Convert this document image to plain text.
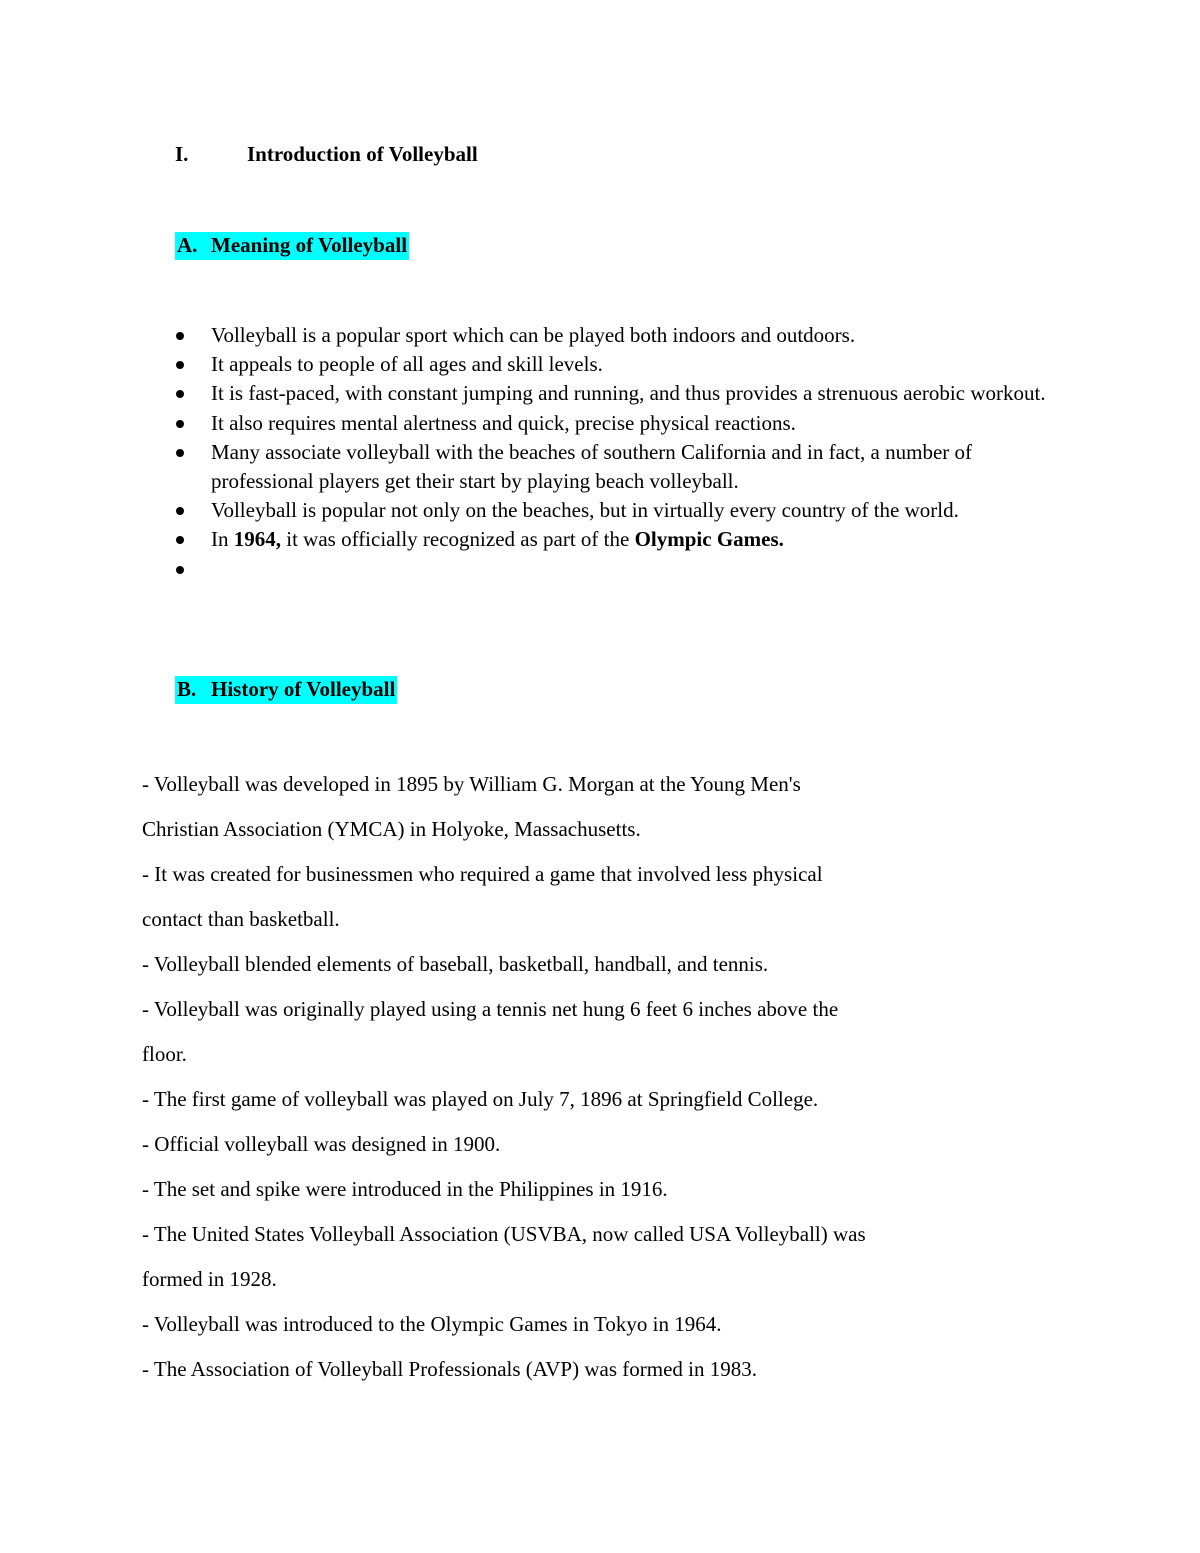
I.	Introduction of Volleyball
A. Meaning of Volleyball
Volleyball is a popular sport which can be played both indoors and outdoors.
It appeals to people of all ages and skill levels.
It is fast-paced, with constant jumping and running, and thus provides a strenuous aerobic workout.
It also requires mental alertness and quick, precise physical reactions.
Many associate volleyball with the beaches of southern California and in fact, a number of professional players get their start by playing beach volleyball.
Volleyball is popular not only on the beaches, but in virtually every country of the world.
In 1964, it was officially recognized as part of the Olympic Games.
B. History of Volleyball
- Volleyball was developed in 1895 by William G. Morgan at the Young Men's
Christian Association (YMCA) in Holyoke, Massachusetts.
- It was created for businessmen who required a game that involved less physical
contact than basketball.
- Volleyball blended elements of baseball, basketball, handball, and tennis.
- Volleyball was originally played using a tennis net hung 6 feet 6 inches above the
floor.
- The first game of volleyball was played on July 7, 1896 at Springfield College.
- Official volleyball was designed in 1900.
- The set and spike were introduced in the Philippines in 1916.
- The United States Volleyball Association (USVBA, now called USA Volleyball) was
formed in 1928.
- Volleyball was introduced to the Olympic Games in Tokyo in 1964.
- The Association of Volleyball Professionals (AVP) was formed in 1983.
